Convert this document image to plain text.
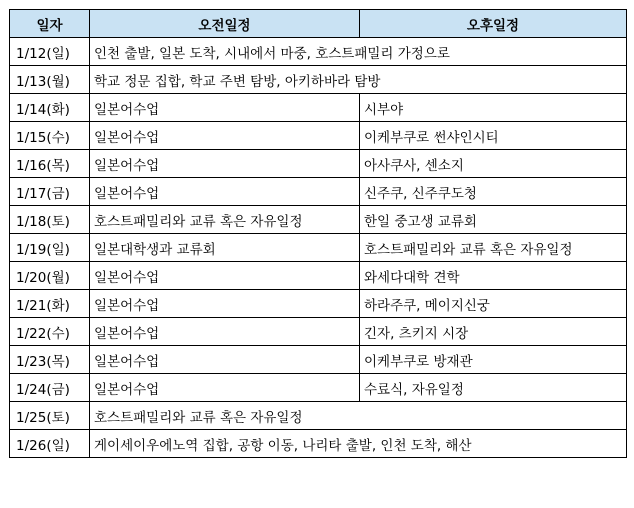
일자	오전일정	오후일정
1/12(일)	인천 출발, 일본 도착, 시내에서 마중, 호스트패밀리 가정으로	
1/13(월)	학교 정문 집합, 학교 주변 탐방, 아키하바라 탐방	
1/14(화)	일본어수업	시부야
1/15(수)	일본어수업	이케부쿠로 썬샤인시티
1/16(목)	일본어수업	아사쿠사, 센소지
1/17(금)	일본어수업	신주쿠, 신주쿠도청
1/18(토)	호스트패밀리와 교류 혹은 자유일정	한일 중고생 교류회
1/19(일)	일본대학생과 교류회	호스트패밀리와 교류 혹은 자유일정
1/20(월)	일본어수업	와세다대학 견학
1/21(화)	일본어수업	하라주쿠, 메이지신궁
1/22(수)	일본어수업	긴자, 츠키지 시장
1/23(목)	일본어수업	이케부쿠로 방재관
1/24(금)	일본어수업	수료식, 자유일정
1/25(토)	호스트패밀리와 교류 혹은 자유일정	
1/26(일)	게이세이우에노역 집합, 공항 이동, 나리타 출발, 인천 도착, 해산	
